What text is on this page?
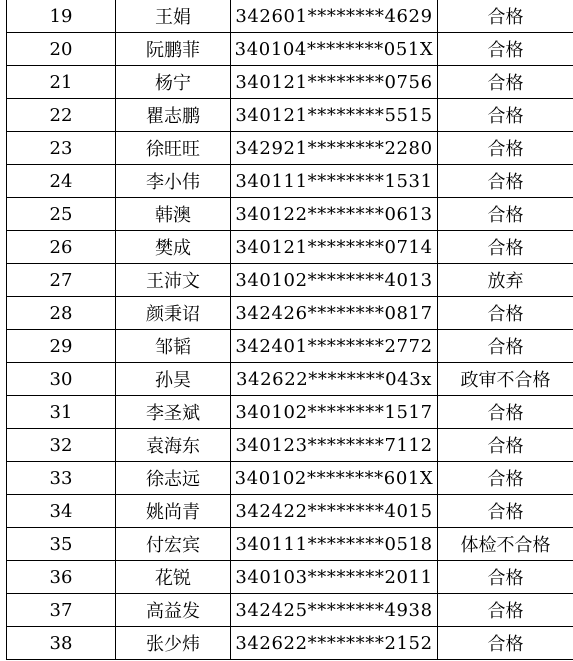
19	王娟	342601********4629	合格
20	阮鹏菲	340104********051X	合格
21	杨宁	340121********0756	合格
22	瞿志鹏	340121********5515	合格
23	徐旺旺	342921********2280	合格
24	李小伟	340111********1531	合格
25	韩澳	340122********0613	合格
26	樊成	340121********0714	合格
27	王沛文	340102********4013	放弃
28	颜秉诏	342426********0817	合格
29	邹韬	342401********2772	合格
30	孙昊	342622********043x	政审不合格
31	李圣斌	340102********1517	合格
32	袁海东	340123********7112	合格
33	徐志远	340102********601X	合格
34	姚尚青	342422********4015	合格
35	付宏宾	340111********0518	体检不合格
36	花锐	340103********2011	合格
37	高益发	342425********4938	合格
38	张少炜	342622********2152	合格
